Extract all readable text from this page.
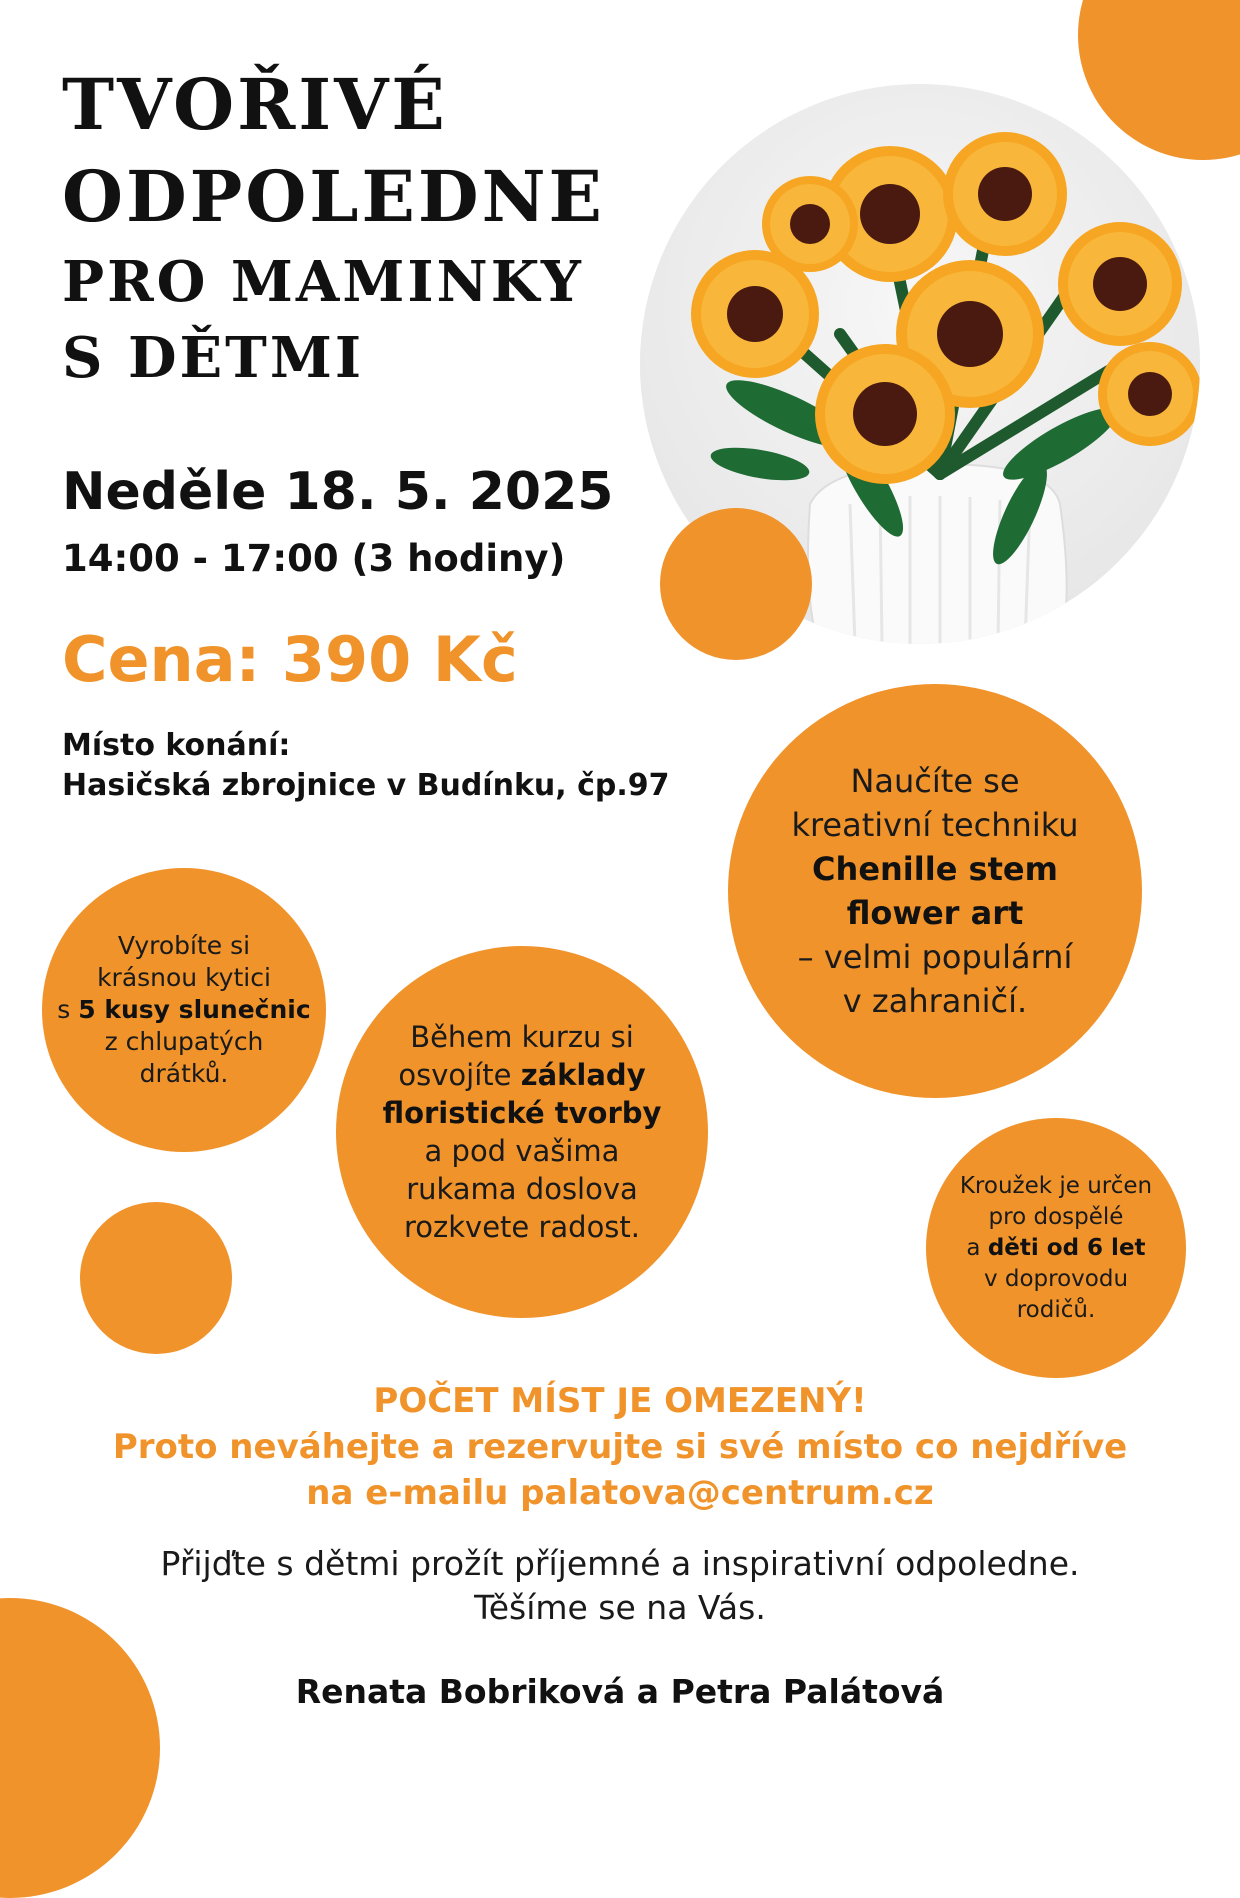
TVOŘIVÉ
ODPOLEDNE
PRO MAMINKY
S DĚTMI
Neděle 18. 5. 2025
14:00 - 17:00 (3 hodiny)
Cena: 390 Kč
Místo konání:
Hasičská zbrojnice v Budínku, čp.97	Naučíte se
kreativní techniku
Chenille stem
flower art
– velmi populární
v zahraničí.
Vyrobíte si
krásnou kytici
s 5 kusy slunečnic
z chlupatých
drátků.
Během kurzu si
osvojíte základy
floristické tvorby
a pod vašima
rukama doslova
rozkvete radost.
Kroužek je určen
pro dospělé
a děti od 6 let
v doprovodu
rodičů.
POČET MÍST JE OMEZENÝ!
Proto neváhejte a rezervujte si své místo co nejdříve
na e-mailu palatova@centrum.cz
Přijďte s dětmi prožít příjemné a inspirativní odpoledne.
Těšíme se na Vás.
Renata Bobriková a Petra Palátová
